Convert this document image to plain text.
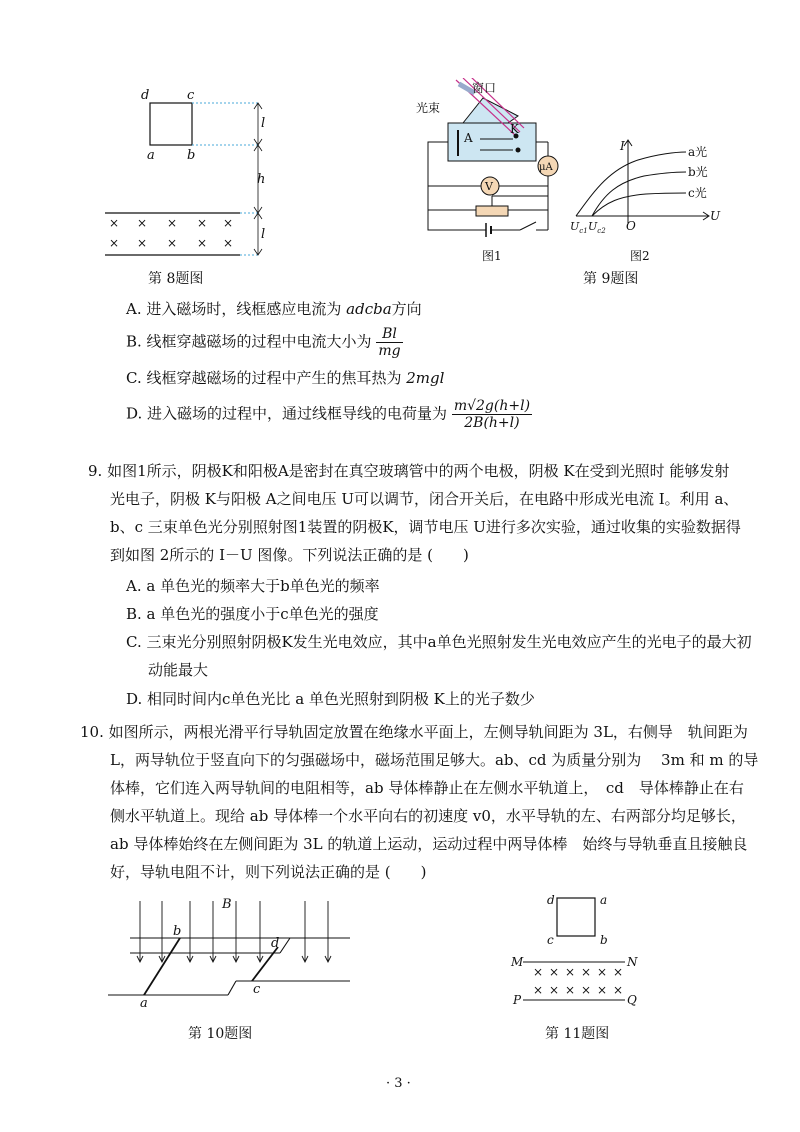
× × × × ×
× × × × ×
d	c
a b
l
h
l
第 8题图
A
K
μA
V
窗口
光束
图1
I
U
O
$U_{c1}$ $U_{c2}$
a光
b光
c光
图2
第 9题图
A. 进入磁场时，线框感应电流为 adcba方向
B. 线框穿越磁场的过程中电流大小为 $\frac{Bl}{mg}$
C. 线框穿越磁场的过程中产生的焦耳热为 2mgl
D. 进入磁场的过程中，通过线框导线的电荷量为 $\frac{m√2g(h+l)}{2B(h+l)}$
9. 如图1所示，阴极K和阳极A是密封在真空玻璃管中的两个电极，阴极 K在受到光照时 能够发射
光电子，阴极 K与阳极 A之间电压 U可以调节，闭合开关后，在电路中形成光电流 I。利用 a、
b、c 三束单色光分别照射图1装置的阴极K，调节电压 U进行多次实验，通过收集的实验数据得
到如图 2所示的 I－U 图像。下列说法正确的是 (　　)
A. a 单色光的频率大于b单色光的频率
B. a 单色光的强度小于c单色光的强度
C. 三束光分别照射阴极K发生光电效应，其中a单色光照射发生光电效应产生的光电子的最大初
动能最大
D. 相同时间内c单色光比 a 单色光照射到阴极 K上的光子数少
10. 如图所示，两根光滑平行导轨固定放置在绝缘水平面上，左侧导轨间距为 3L，右侧导　轨间距为
L，两导轨位于竖直向下的匀强磁场中，磁场范围足够大。ab、cd 为质量分别为　 3m 和 m 的导
体棒，它们连入两导轨间的电阻相等，ab 导体棒静止在左侧水平轨道上，　cd　导体棒静止在右
侧水平轨道上。现给 ab 导体棒一个水平向右的初速度 v0，水平导轨的左、右两部分均足够长，
ab 导体棒始终在左侧间距为 3L 的轨道上运动，运动过程中两导体棒　始终与导轨垂直且接触良
好，导轨电阻不计，则下列说法正确的是 (　　)
B
b
a
d
c
第 10题图
× × × × × ×
× × × × × ×
d	a
c	b
M	N
P	Q
第 11题图
· 3 ·
